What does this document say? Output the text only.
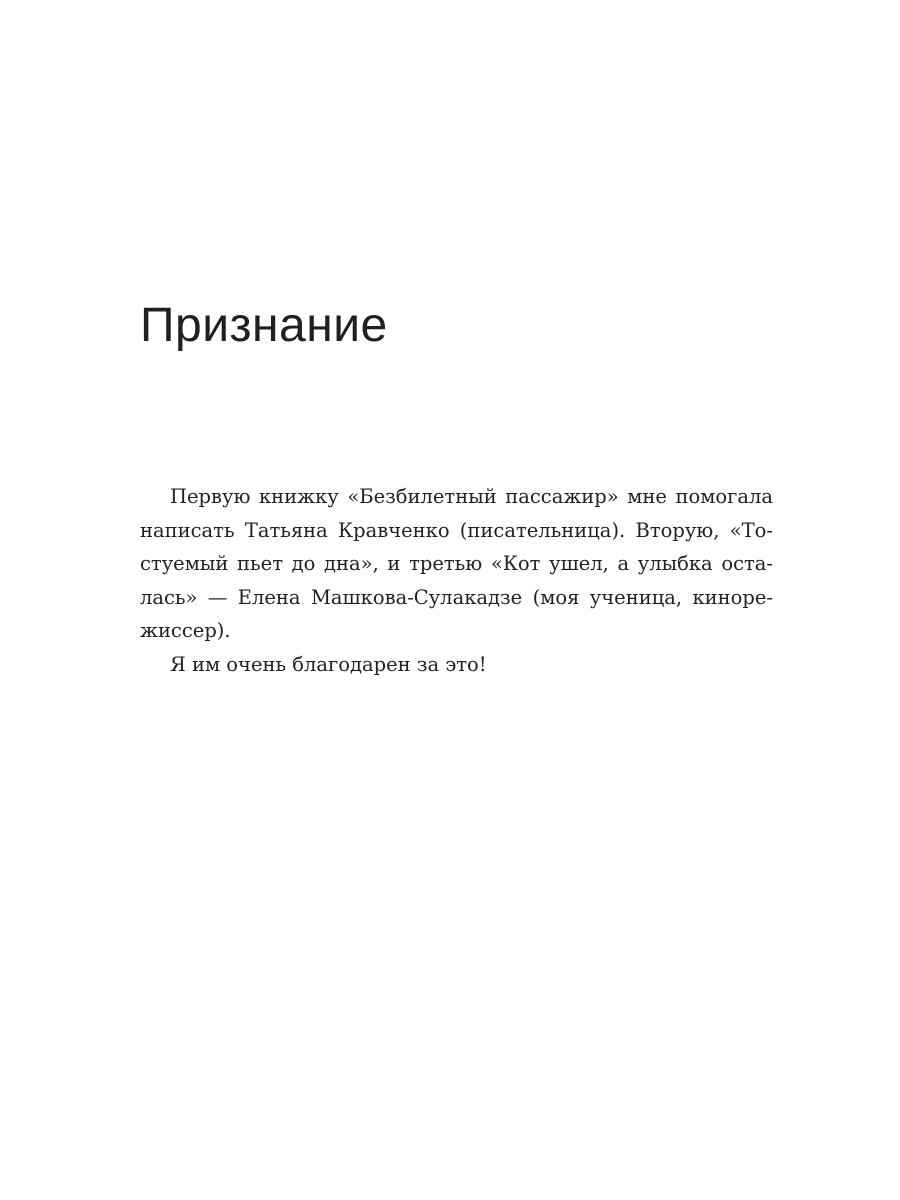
Признание

Первую книжку «Безбилетный пассажир» мне помогала
написать Татьяна Кравченко (писательница). Вторую, «То-
стуемый пьет до дна», и третью «Кот ушел, а улыбка оста-
лась» — Елена Машкова-Сулакадзе (моя ученица, кинорe-
жиссер).

Я им очень благодарен за это!
